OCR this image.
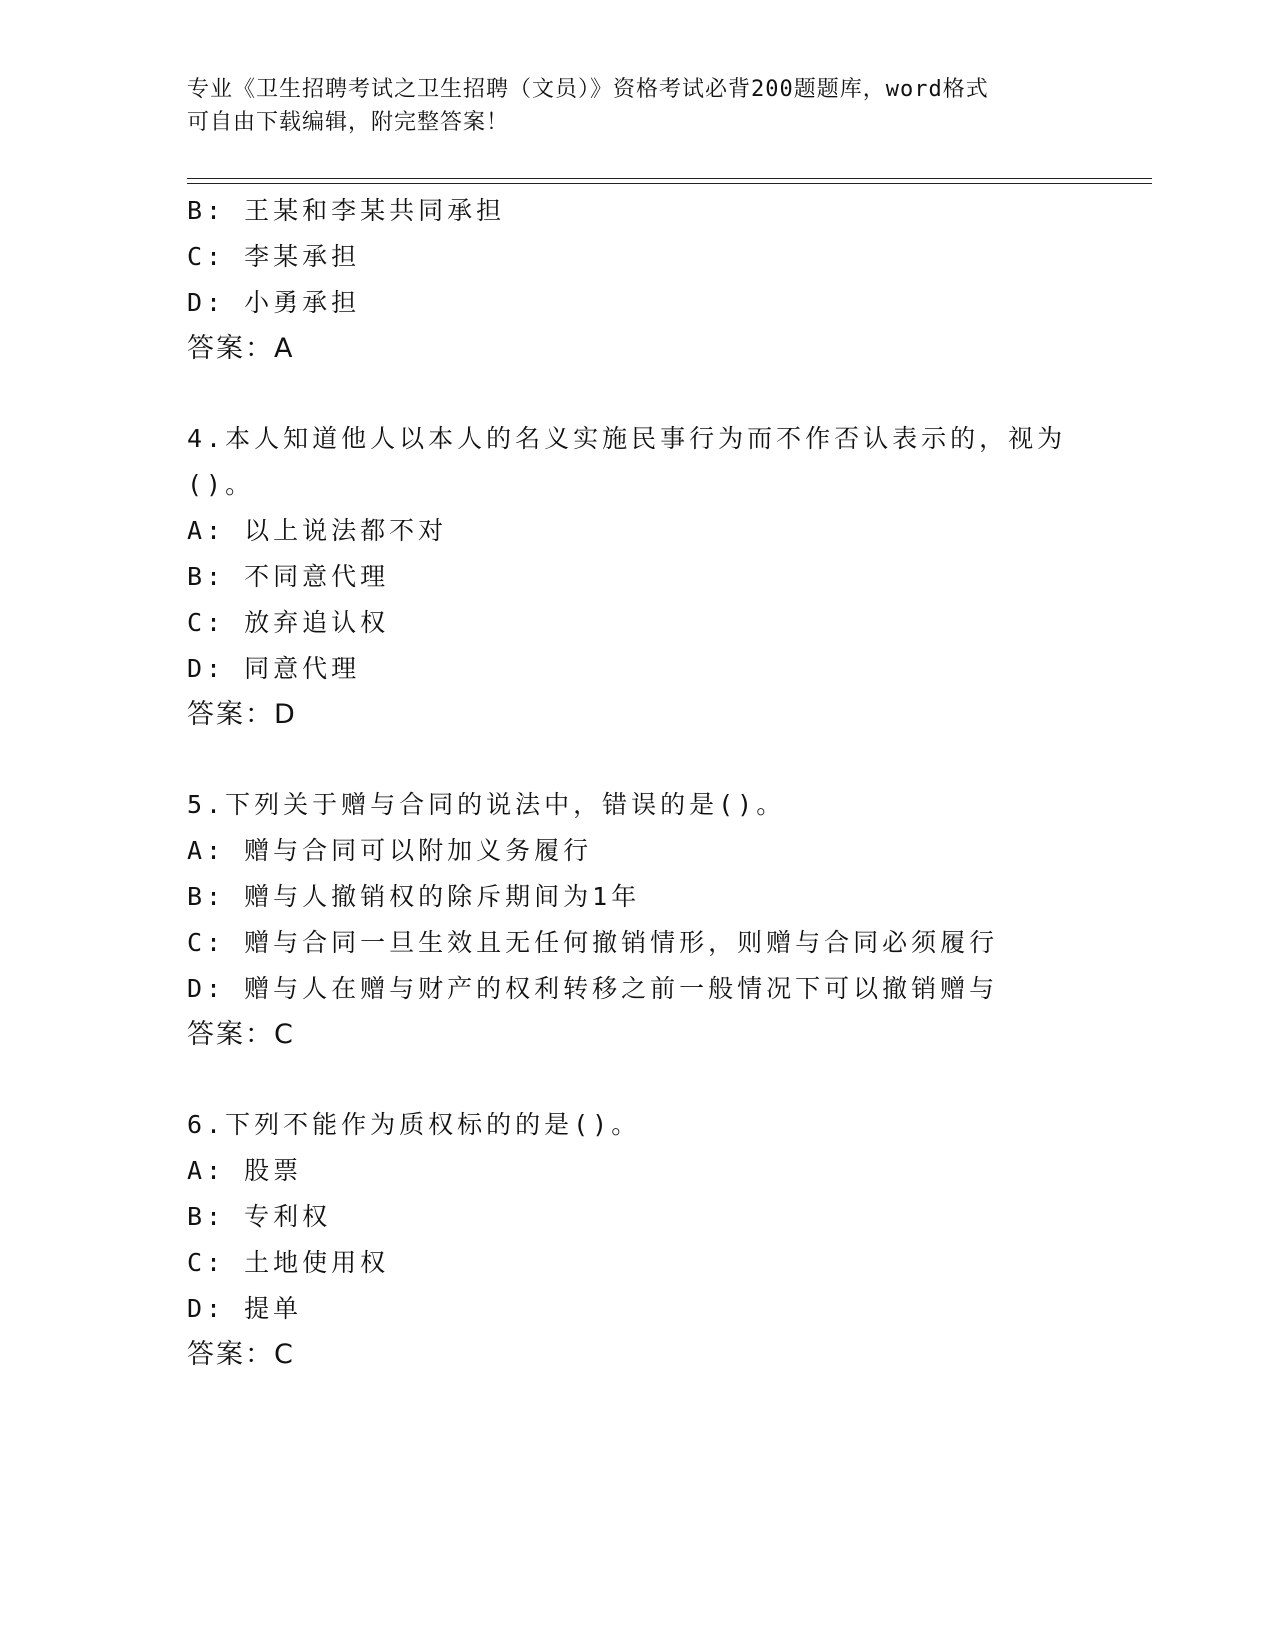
专业《卫生招聘考试之卫生招聘（文员）》资格考试必背200题题库，word格式
可自由下载编辑，附完整答案！
B: 王某和李某共同承担
C: 李某承担
D: 小勇承担
答案：A
4.本人知道他人以本人的名义实施民事行为而不作否认表示的，视为()。
A: 以上说法都不对
B: 不同意代理
C: 放弃追认权
D: 同意代理
答案：D
5.下列关于赠与合同的说法中，错误的是()。
A: 赠与合同可以附加义务履行
B: 赠与人撤销权的除斥期间为1年
C: 赠与合同一旦生效且无任何撤销情形，则赠与合同必须履行
D: 赠与人在赠与财产的权利转移之前一般情况下可以撤销赠与
答案：C
6.下列不能作为质权标的的是()。
A: 股票
B: 专利权
C: 土地使用权
D: 提单
答案：C
